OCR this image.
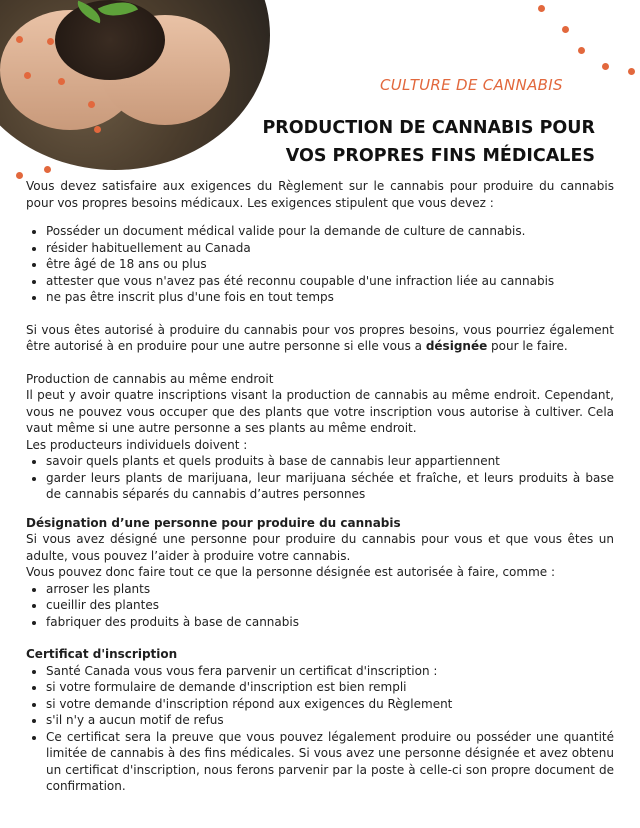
CULTURE DE CANNABIS
PRODUCTION DE CANNABIS POUR
VOS PROPRES FINS MÉDICALES

Vous devez satisfaire aux exigences du Règlement sur le cannabis pour produire du cannabis pour vos propres besoins médicaux. Les exigences stipulent que vous devez :

• Posséder un document médical valide pour la demande de culture de cannabis.
• résider habituellement au Canada
• être âgé de 18 ans ou plus
• attester que vous n'avez pas été reconnu coupable d'une infraction liée au cannabis
• ne pas être inscrit plus d'une fois en tout temps

Si vous êtes autorisé à produire du cannabis pour vos propres besoins, vous pourriez également être autorisé à en produire pour une autre personne si elle vous a désignée pour le faire.

Production de cannabis au même endroit

Il peut y avoir quatre inscriptions visant la production de cannabis au même endroit. Cependant, vous ne pouvez vous occuper que des plants que votre inscription vous autorise à cultiver. Cela vaut même si une autre personne a ses plants au même endroit.

Les producteurs individuels doivent :

• savoir quels plants et quels produits à base de cannabis leur appartiennent
• garder leurs plants de marijuana, leur marijuana séchée et fraîche, et leurs produits à base de cannabis séparés du cannabis d’autres personnes

Désignation d’une personne pour produire du cannabis

Si vous avez désigné une personne pour produire du cannabis pour vous et que vous êtes un adulte, vous pouvez l’aider à produire votre cannabis.

Vous pouvez donc faire tout ce que la personne désignée est autorisée à faire, comme :

• arroser les plants
• cueillir des plantes
• fabriquer des produits à base de cannabis

Certificat d'inscription

• Santé Canada vous vous fera parvenir un certificat d'inscription :
• si votre formulaire de demande d'inscription est bien rempli
• si votre demande d'inscription répond aux exigences du Règlement
• s'il n'y a aucun motif de refus
• Ce certificat sera la preuve que vous pouvez légalement produire ou posséder une quantité limitée de cannabis à des fins médicales. Si vous avez une personne désignée et avez obtenu un certificat d'inscription, nous ferons parvenir par la poste à celle-ci son propre document de confirmation.
